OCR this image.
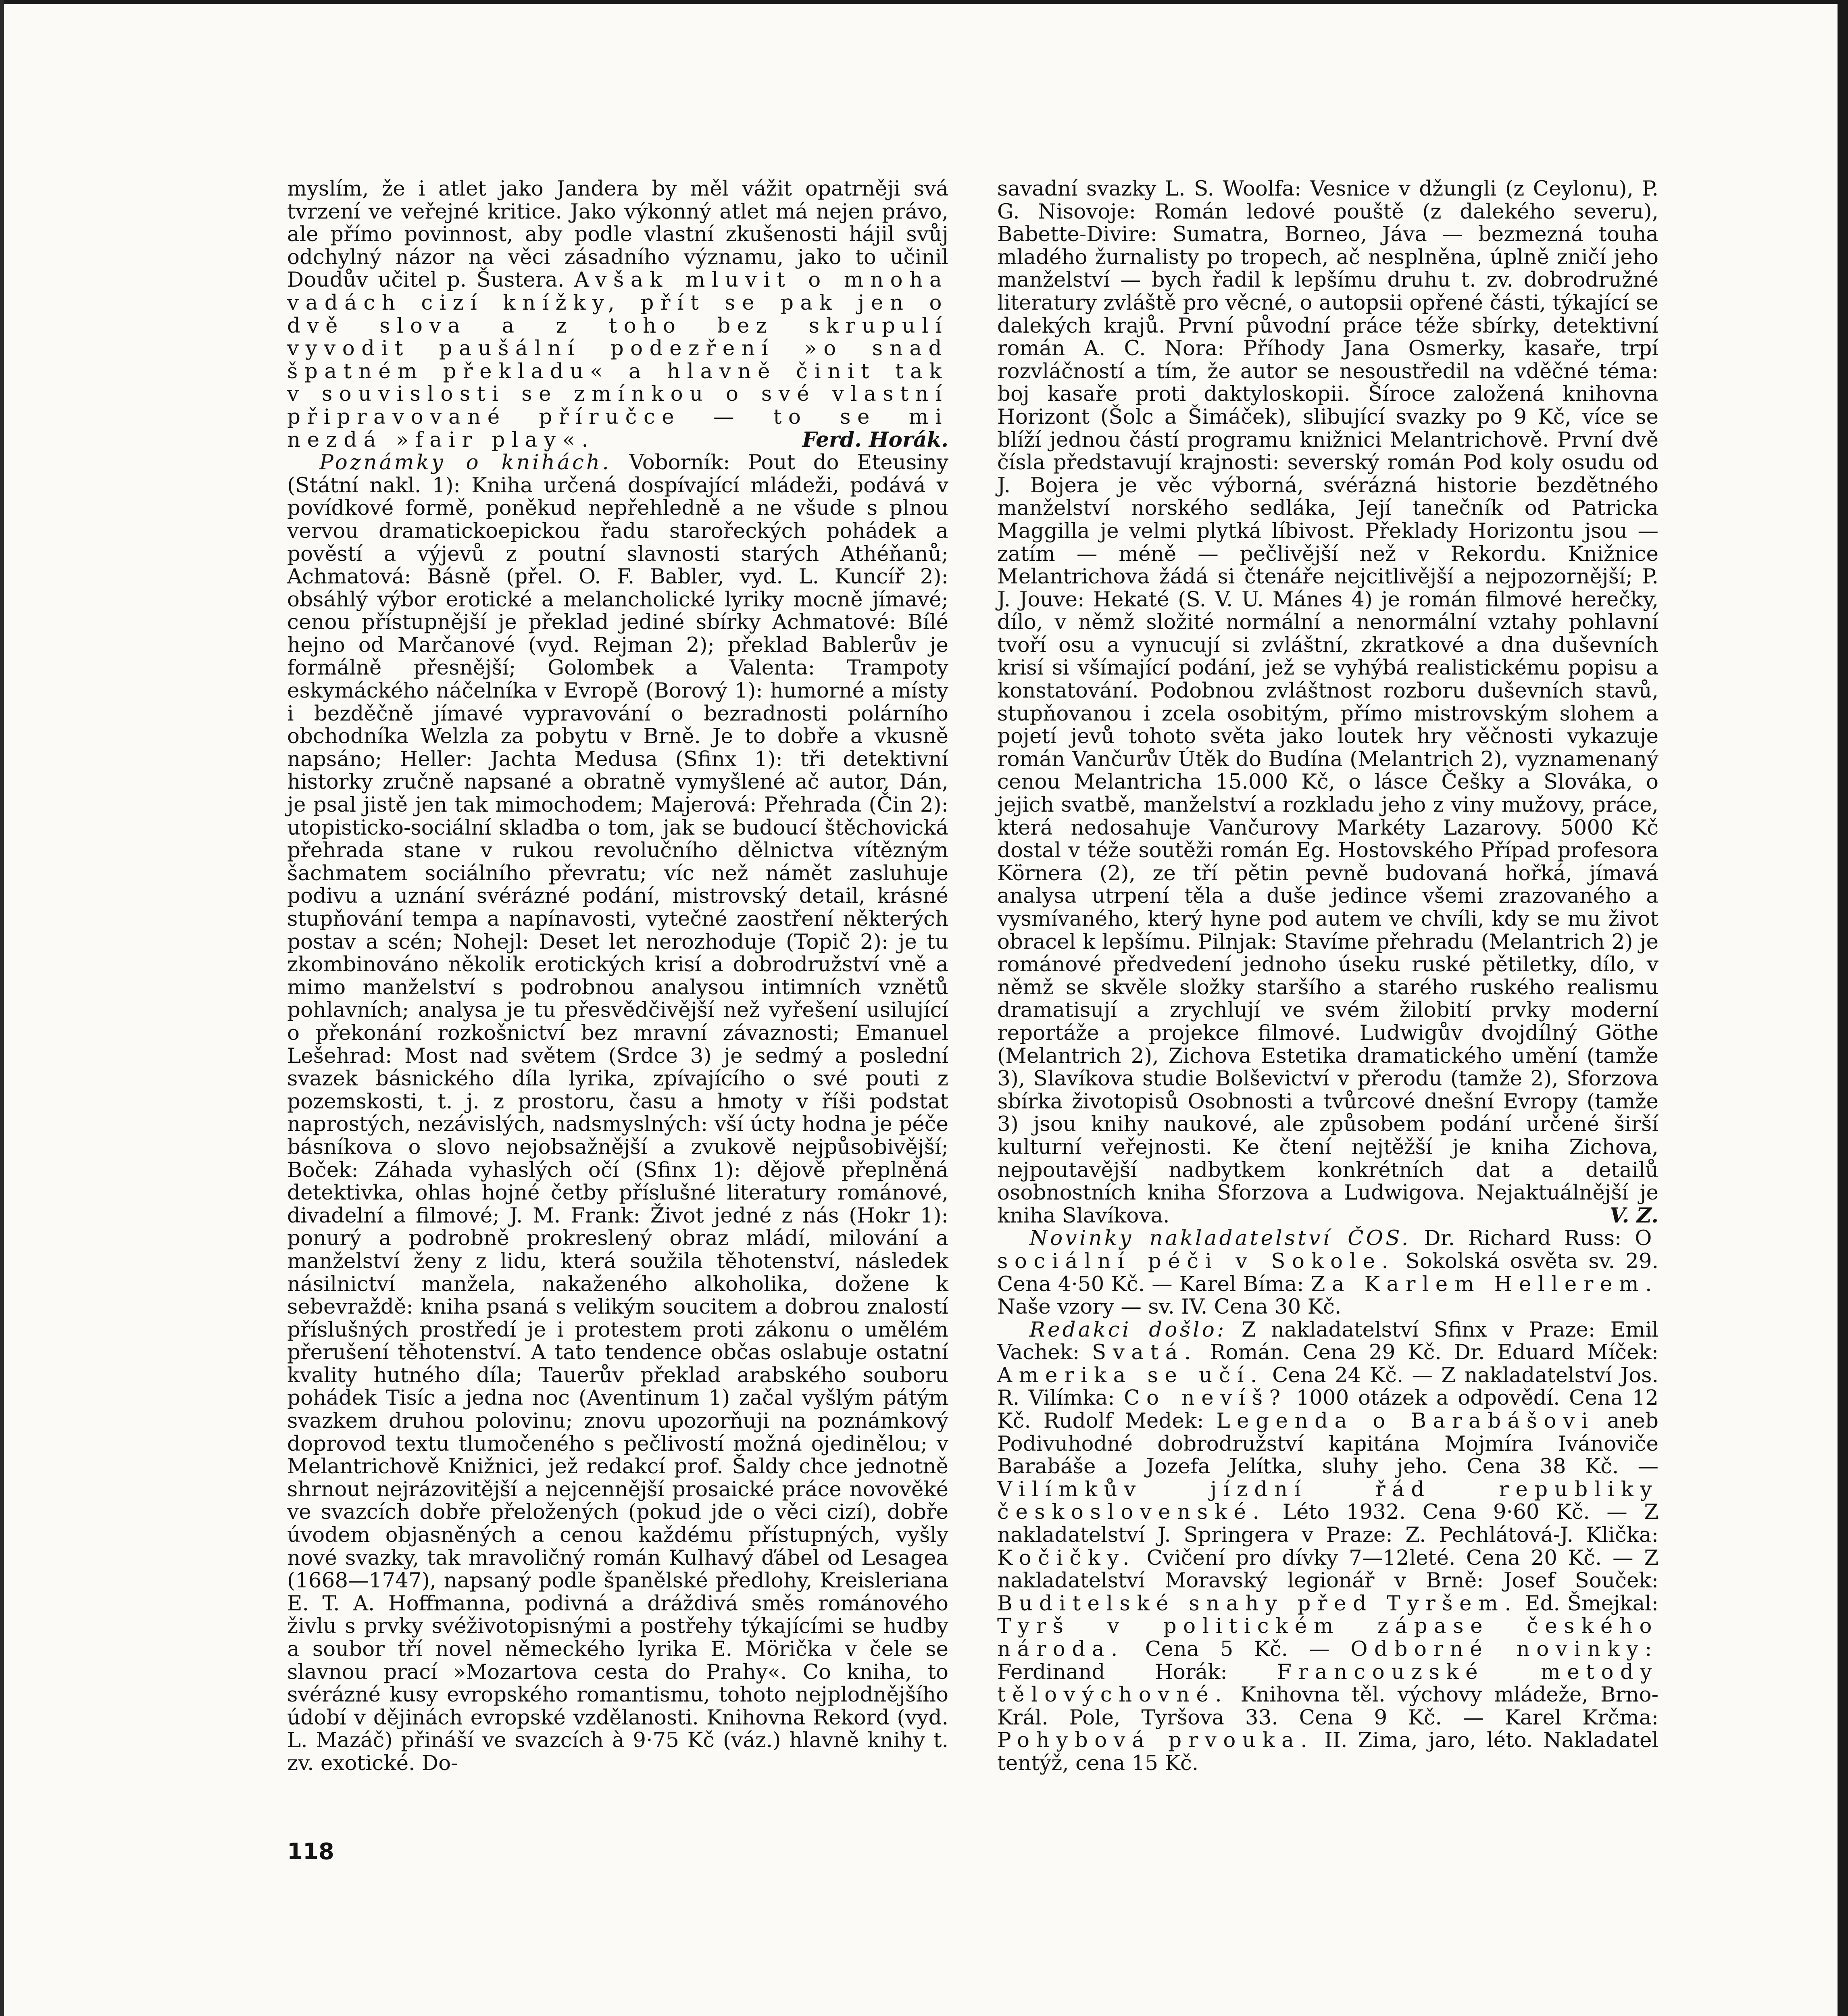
myslím, že i atlet jako Jandera by měl vážit opatrněji svá tvrzení ve veřejné kritice. Jako výkonný atlet má nejen právo, ale přímo povinnost, aby podle vlastní zkušenosti hájil svůj odchylný názor na věci zásadního významu, jako to učinil Doudův učitel p. Šustera. Avšak mluvit o mnoha vadách cizí knížky, přít se pak jen o dvě slova a z toho bez skrupulí vyvodit paušální podezření »o snad špatném překladu« a hlavně činit tak v souvislosti se zmínkou o své vlastní připravované příručce — to se mi nezdá »fair play«.	Ferd. Horák.

Poznámky o knihách. Voborník: Pout do Eteusiny (Státní nakl. 1): Kniha určená dospívající mládeži, podává v povídkové formě, poněkud nepřehledně a ne všude s plnou vervou dramatickoepickou řadu starořeckých pohádek a pověstí a výjevů z poutní slavnosti starých Athéňanů; Achmatová: Básně (přel. O. F. Babler, vyd. L. Kuncíř 2): obsáhlý výbor erotické a melancholické lyriky mocně jímavé; cenou přístupnější je překlad jediné sbírky Achmatové: Bílé hejno od Marčanové (vyd. Rejman 2); překlad Bablerův je formálně přesnější; Golombek a Valenta: Trampoty eskymáckého náčelníka v Evropě (Borový 1): humorné a místy i bezděčně jímavé vypravování o bezradnosti polárního obchodníka Welzla za pobytu v Brně. Je to dobře a vkusně napsáno; Heller: Jachta Medusa (Sfinx 1): tři detektivní historky zručně napsané a obratně vymyšlené ač autor, Dán, je psal jistě jen tak mimochodem; Majerová: Přehrada (Čin 2): utopisticko-sociální skladba o tom, jak se budoucí štěchovická přehrada stane v rukou revolučního dělnictva vítězným šachmatem sociálního převratu; víc než námět zasluhuje podivu a uznání svérázné podání, mistrovský detail, krásné stupňování tempa a napínavosti, vytečné zaostření některých postav a scén; Nohejl: Deset let nerozhoduje (Topič 2): je tu zkombinováno několik erotických krisí a dobrodružství vně a mimo manželství s podrobnou analysou intimních vznětů pohlavních; analysa je tu přesvědčivější než vyřešení usilující o překonání rozkošnictví bez mravní závaznosti; Emanuel Lešehrad: Most nad světem (Srdce 3) je sedmý a poslední svazek básnického díla lyrika, zpívajícího o své pouti z pozemskosti, t. j. z prostoru, času a hmoty v říši podstat naprostých, nezávislých, nadsmyslných: vší úcty hodna je péče básníkova o slovo nejobsažnější a zvukově nejpůsobivější; Boček: Záhada vyhaslých očí (Sfinx 1): dějově přeplněná detektivka, ohlas hojné četby příslušné literatury románové, divadelní a filmové; J. M. Frank: Život jedné z nás (Hokr 1): ponurý a podrobně prokreslený obraz mládí, milování a manželství ženy z lidu, která soužila těhotenství, následek násilnictví manžela, nakaženého alkoholika, dožene k sebevraždě: kniha psaná s velikým soucitem a dobrou znalostí příslušných prostředí je i protestem proti zákonu o umělém přerušení těhotenství. A tato tendence občas oslabuje ostatní kvality hutného díla; Tauerův překlad arabského souboru pohádek Tisíc a jedna noc (Aventinum 1) začal vyšlým pátým svazkem druhou polovinu; znovu upozorňuji na poznámkový doprovod textu tlumočeného s pečlivostí možná ojedinělou; v Melantrichově Knižnici, jež redakcí prof. Šaldy chce jednotně shrnout nejrázovitější a nejcennější prosaické práce novověké ve svazcích dobře přeložených (pokud jde o věci cizí), dobře úvodem objasněných a cenou každému přístupných, vyšly nové svazky, tak mravoličný román Kulhavý ďábel od Lesagea (1668—1747), napsaný podle španělské předlohy, Kreisleriana E. T. A. Hoffmanna, podivná a dráždivá směs románového živlu s prvky svéživotopisnými a postřehy týkajícími se hudby a soubor tří novel německého lyrika E. Mörička v čele se slavnou prací »Mozartova cesta do Prahy«. Co kniha, to svérázné kusy evropského romantismu, tohoto nejplodnějšího údobí v dějinách evropské vzdělanosti. Knihovna Rekord (vyd. L. Mazáč) přináší ve svazcích à 9·75 Kč (váz.) hlavně knihy t. zv. exotické. Do-

savadní svazky L. S. Woolfa: Vesnice v džungli (z Ceylonu), P. G. Nisovoje: Román ledové pouště (z dalekého severu), Babette-Divire: Sumatra, Borneo, Jáva — bezmezná touha mladého žurnalisty po tropech, ač nesplněna, úplně zničí jeho manželství — bych řadil k lepšímu druhu t. zv. dobrodružné literatury zvláště pro věcné, o autopsii opřené části, týkající se dalekých krajů. První původní práce téže sbírky, detektivní román A. C. Nora: Příhody Jana Osmerky, kasaře, trpí rozvláčností a tím, že autor se nesoustředil na vděčné téma: boj kasaře proti daktyloskopii. Šíroce založená knihovna Horizont (Šolc a Šimáček), slibující svazky po 9 Kč, více se blíží jednou částí programu knižnici Melantrichově. První dvě čísla představují krajnosti: severský román Pod koly osudu od J. Bojera je věc výborná, svérázná historie bezdětného manželství norského sedláka, Její tanečník od Patricka Maggilla je velmi plytká líbivost. Překlady Horizontu jsou — zatím — méně — pečlivější než v Rekordu. Knižnice Melantrichova žádá si čtenáře nejcitlivější a nejpozornější; P. J. Jouve: Hekaté (S. V. U. Mánes 4) je román filmové herečky, dílo, v němž složité normální a nenormální vztahy pohlavní tvoří osu a vynucují si zvláštní, zkratkové a dna duševních krisí si všímající podání, jež se vyhýbá realistickému popisu a konstatování. Podobnou zvláštnost rozboru duševních stavů, stupňovanou i zcela osobitým, přímo mistrovským slohem a pojetí jevů tohoto světa jako loutek hry věčnosti vykazuje román Vančurův Útěk do Budína (Melantrich 2), vyznamenaný cenou Melantricha 15.000 Kč, o lásce Češky a Slováka, o jejich svatbě, manželství a rozkladu jeho z viny mužovy, práce, která nedosahuje Vančurovy Markéty Lazarovy. 5000 Kč dostal v téže soutěži román Eg. Hostovského Případ profesora Körnera (2), ze tří pětin pevně budovaná hořká, jímavá analysa utrpení těla a duše jedince všemi zrazovaného a vysmívaného, který hyne pod autem ve chvíli, kdy se mu život obracel k lepšímu. Pilnjak: Stavíme přehradu (Melantrich 2) je románové předvedení jednoho úseku ruské pětiletky, dílo, v němž se skvěle složky staršího a starého ruského realismu dramatisují a zrychlují ve svém žilobití prvky moderní reportáže a projekce filmové. Ludwigův dvojdílný Göthe (Melantrich 2), Zichova Estetika dramatického umění (tamže 3), Slavíkova studie Bolševictví v přerodu (tamže 2), Sforzova sbírka životopisů Osobnosti a tvůrcové dnešní Evropy (tamže 3) jsou knihy naukové, ale způsobem podání určené širší kulturní veřejnosti. Ke čtení nejtěžší je kniha Zichova, nejpoutavější nadbytkem konkrétních dat a detailů osobnostních kniha Sforzova a Ludwigova. Nejaktuálnější je kniha Slavíkova.	V. Z.

Novinky nakladatelství ČOS. Dr. Richard Russ: O sociální péči v Sokole. Sokolská osvěta sv. 29. Cena 4·50 Kč. — Karel Bíma: Za Karlem Hellerem. Naše vzory — sv. IV. Cena 30 Kč.

Redakci došlo: Z nakladatelství Sfinx v Praze: Emil Vachek: Svatá. Román. Cena 29 Kč. Dr. Eduard Míček: Amerika se učí. Cena 24 Kč. — Z nakladatelství Jos. R. Vilímka: Co nevíš? 1000 otázek a odpovědí. Cena 12 Kč. Rudolf Medek: Legenda o Barabášovi aneb Podivuhodné dobrodružství kapitána Mojmíra Ivánoviče Barabáše a Jozefa Jelítka, sluhy jeho. Cena 38 Kč. — Vilímkův jízdní řád republiky československé. Léto 1932. Cena 9·60 Kč. — Z nakladatelství J. Springera v Praze: Z. Pechlátová-J. Klička: Kočičky. Cvičení pro dívky 7—12leté. Cena 20 Kč. — Z nakladatelství Moravský legionář v Brně: Josef Souček: Buditelské snahy před Tyršem. Ed. Šmejkal: Tyrš v politickém zápase českého národa. Cena 5 Kč. — Odborné novinky: Ferdinand Horák: Francouzské metody tělovýchovné. Knihovna těl. výchovy mládeže, Brno-Král. Pole, Tyršova 33. Cena 9 Kč. — Karel Krčma: Pohybová prvouka. II. Zima, jaro, léto. Nakladatel tentýž, cena 15 Kč.

118
